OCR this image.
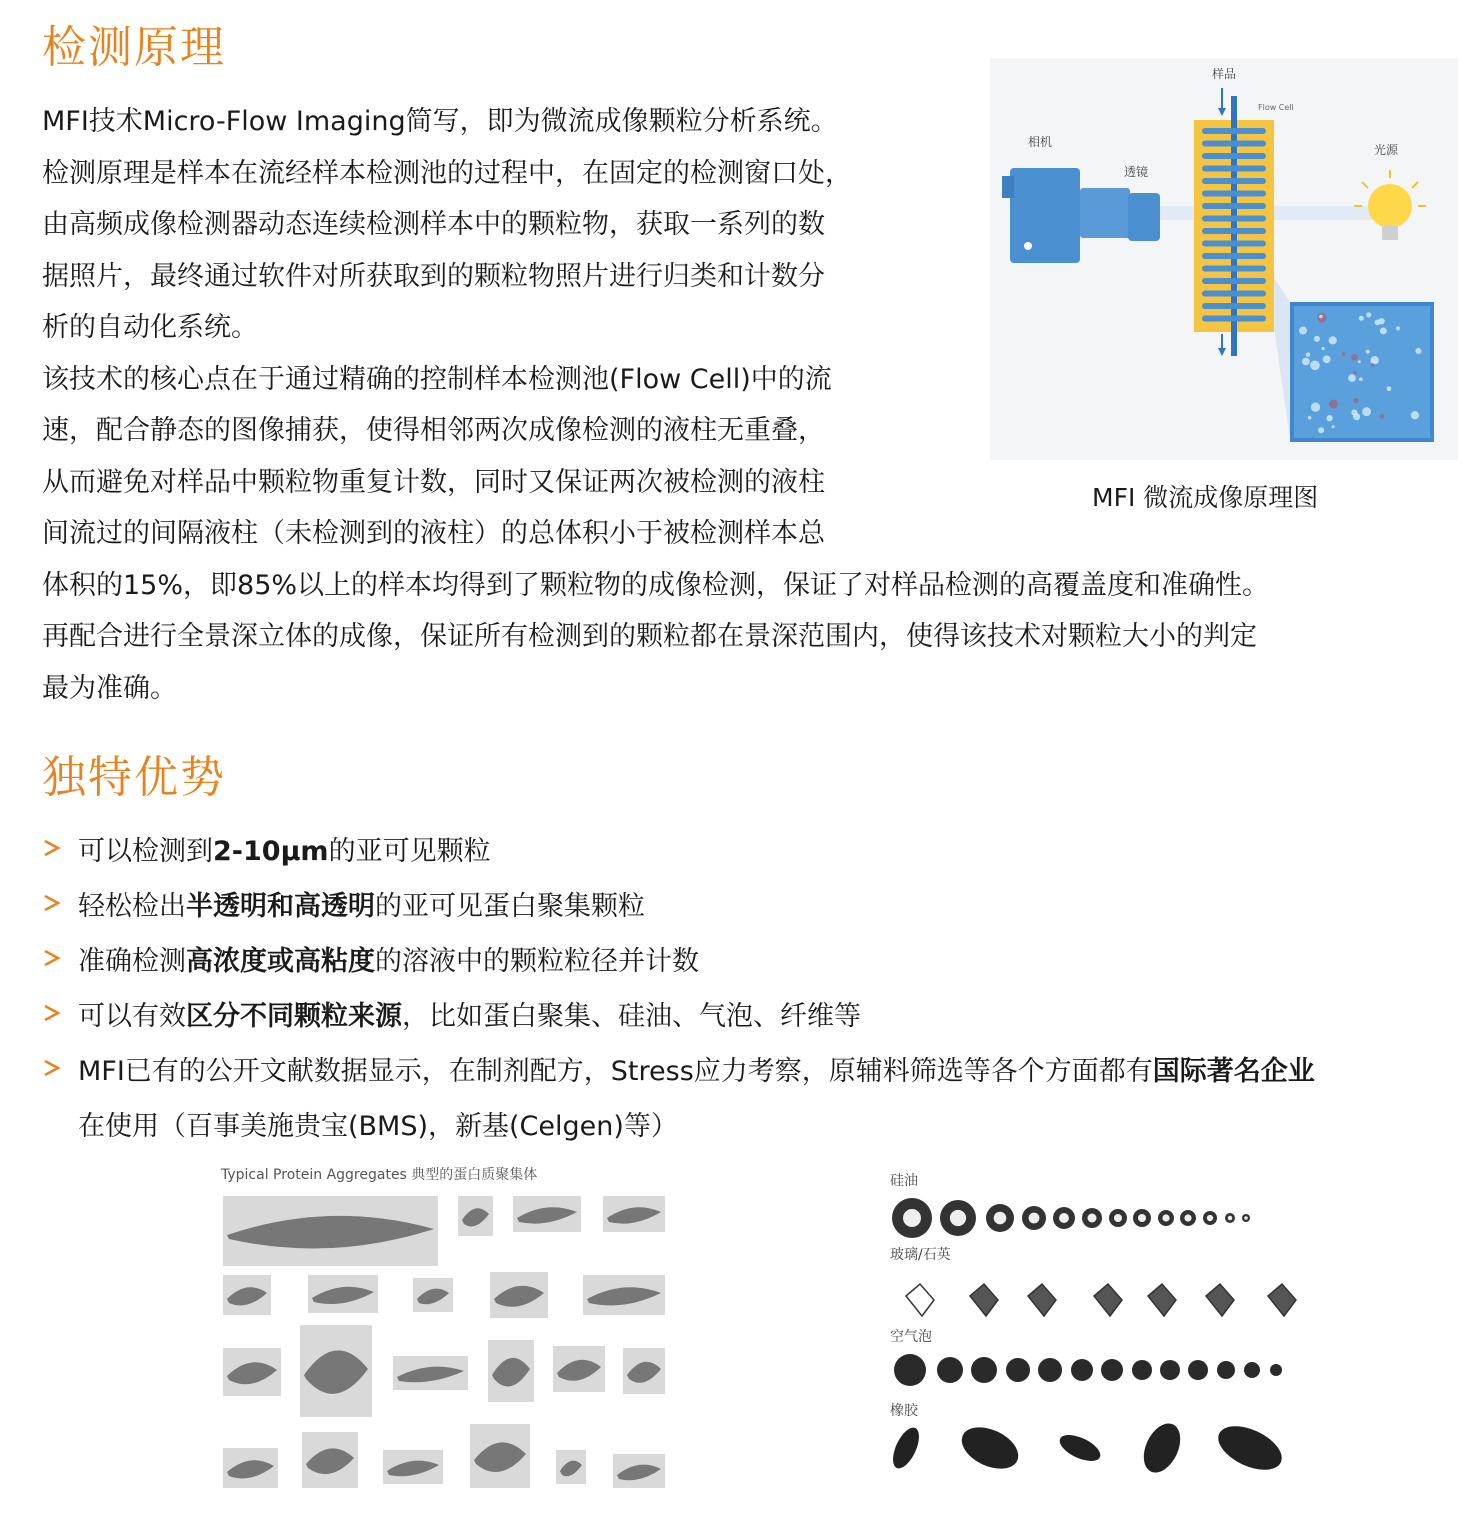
检测原理
MFI技术Micro-Flow Imaging简写，即为微流成像颗粒分析系统。
检测原理是样本在流经样本检测池的过程中，在固定的检测窗口处，
由高频成像检测器动态连续检测样本中的颗粒物，获取一系列的数
据照片，最终通过软件对所获取到的颗粒物照片进行归类和计数分
析的自动化系统。
该技术的核心点在于通过精确的控制样本检测池(Flow Cell)中的流
速，配合静态的图像捕获，使得相邻两次成像检测的液柱无重叠，
从而避免对样品中颗粒物重复计数，同时又保证两次被检测的液柱
间流过的间隔液柱（未检测到的液柱）的总体积小于被检测样本总
体积的15%，即85%以上的样本均得到了颗粒物的成像检测，保证了对样品检测的高覆盖度和准确性。
再配合进行全景深立体的成像，保证所有检测到的颗粒都在景深范围内，使得该技术对颗粒大小的判定
最为准确。
相机
透镜
样品
Flow Cell
光源
MFI 微流成像原理图
独特优势
可以检测到2-10μm的亚可见颗粒
轻松检出半透明和高透明的亚可见蛋白聚集颗粒
准确检测高浓度或高粘度的溶液中的颗粒粒径并计数
可以有效区分不同颗粒来源，比如蛋白聚集、硅油、气泡、纤维等
MFI已有的公开文献数据显示，在制剂配方，Stress应力考察，原辅料筛选等各个方面都有国际著名企业
在使用（百事美施贵宝(BMS)，新基(Celgen)等）
Typical Protein Aggregates 典型的蛋白质聚集体	硅油
玻璃/石英
空气泡
橡胶
